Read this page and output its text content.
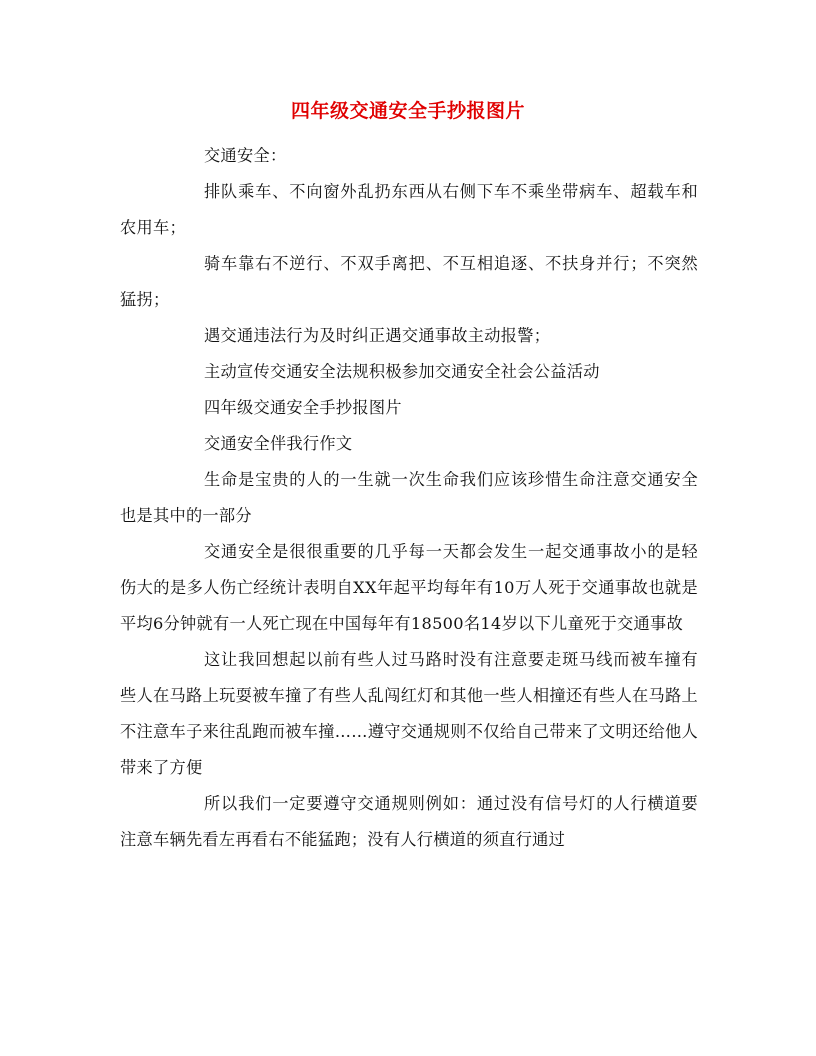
四年级交通安全手抄报图片

交通安全：

排队乘车、不向窗外乱扔东西从右侧下车不乘坐带病车、超载车和农用车；

骑车靠右不逆行、不双手离把、不互相追逐、不扶身并行；不突然猛拐；

遇交通违法行为及时纠正遇交通事故主动报警；

主动宣传交通安全法规积极参加交通安全社会公益活动

四年级交通安全手抄报图片

交通安全伴我行作文

生命是宝贵的人的一生就一次生命我们应该珍惜生命注意交通安全也是其中的一部分

交通安全是很很重要的几乎每一天都会发生一起交通事故小的是轻伤大的是多人伤亡经统计表明自XX年起平均每年有10万人死于交通事故也就是平均6分钟就有一人死亡现在中国每年有18500名14岁以下儿童死于交通事故

这让我回想起以前有些人过马路时没有注意要走斑马线而被车撞有些人在马路上玩耍被车撞了有些人乱闯红灯和其他一些人相撞还有些人在马路上不注意车子来往乱跑而被车撞……遵守交通规则不仅给自己带来了文明还给他人带来了方便

所以我们一定要遵守交通规则例如：通过没有信号灯的人行横道要注意车辆先看左再看右不能猛跑；没有人行横道的须直行通过
